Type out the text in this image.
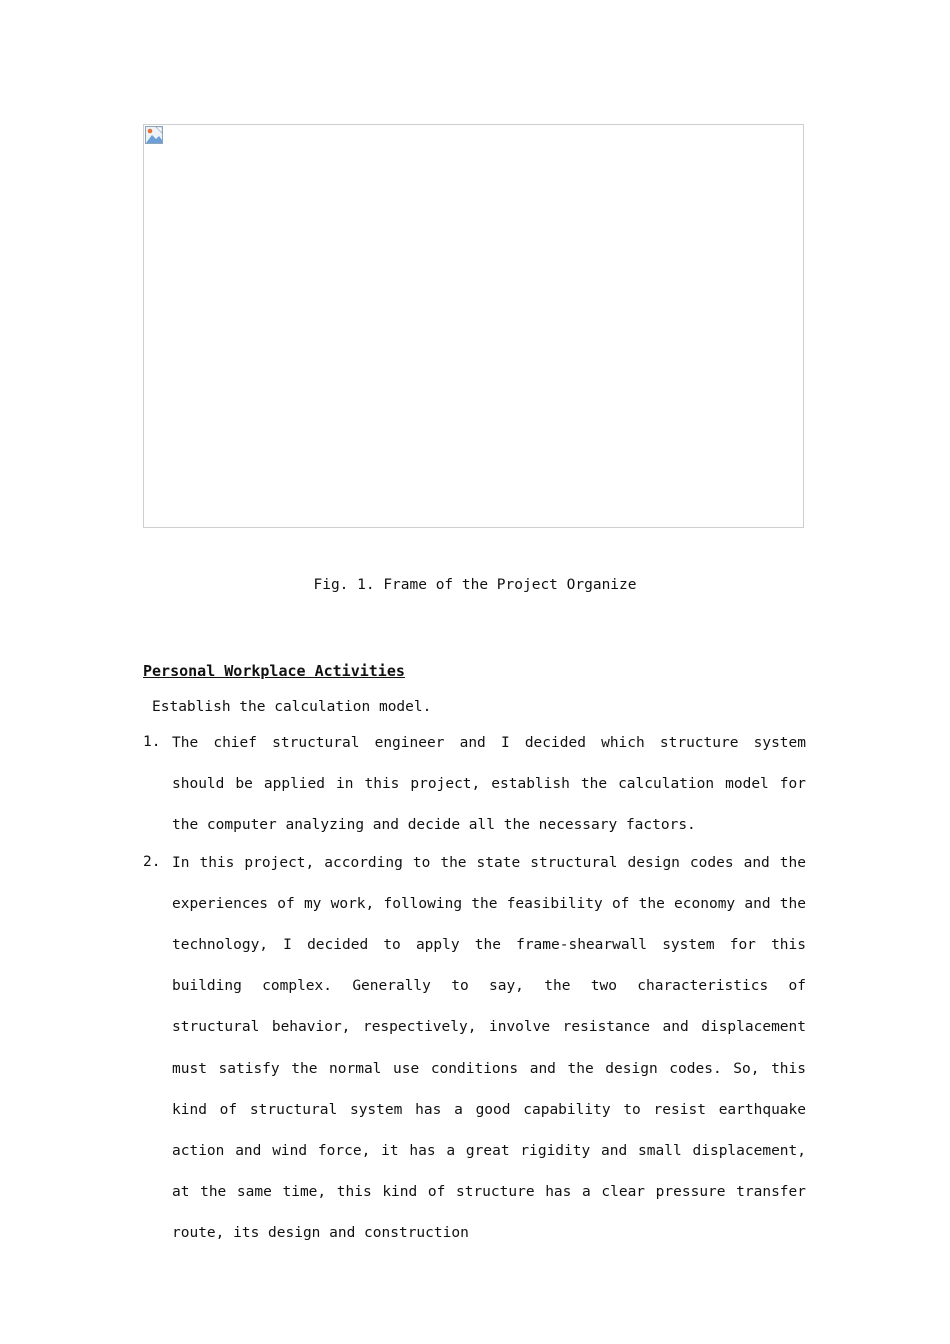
Fig. 1. Frame of the Project Organize
Personal Workplace Activities
Establish the calculation model.
1. The chief structural engineer and I decided which structure system should be applied in this project, establish the calculation model for the computer analyzing and decide all the necessary factors.

2. In this project, according to the state structural design codes and the experiences of my work, following the feasibility of the economy and the technology, I decided to apply the frame-shearwall system for this building complex. Generally to say, the two characteristics of structural behavior, respectively, involve resistance and displacement must satisfy the normal use conditions and the design codes. So, this kind of structural system has a good capability to resist earthquake action and wind force, it has a great rigidity and small displacement, at the same time, this kind of structure has a clear pressure transfer route, its design and construction
